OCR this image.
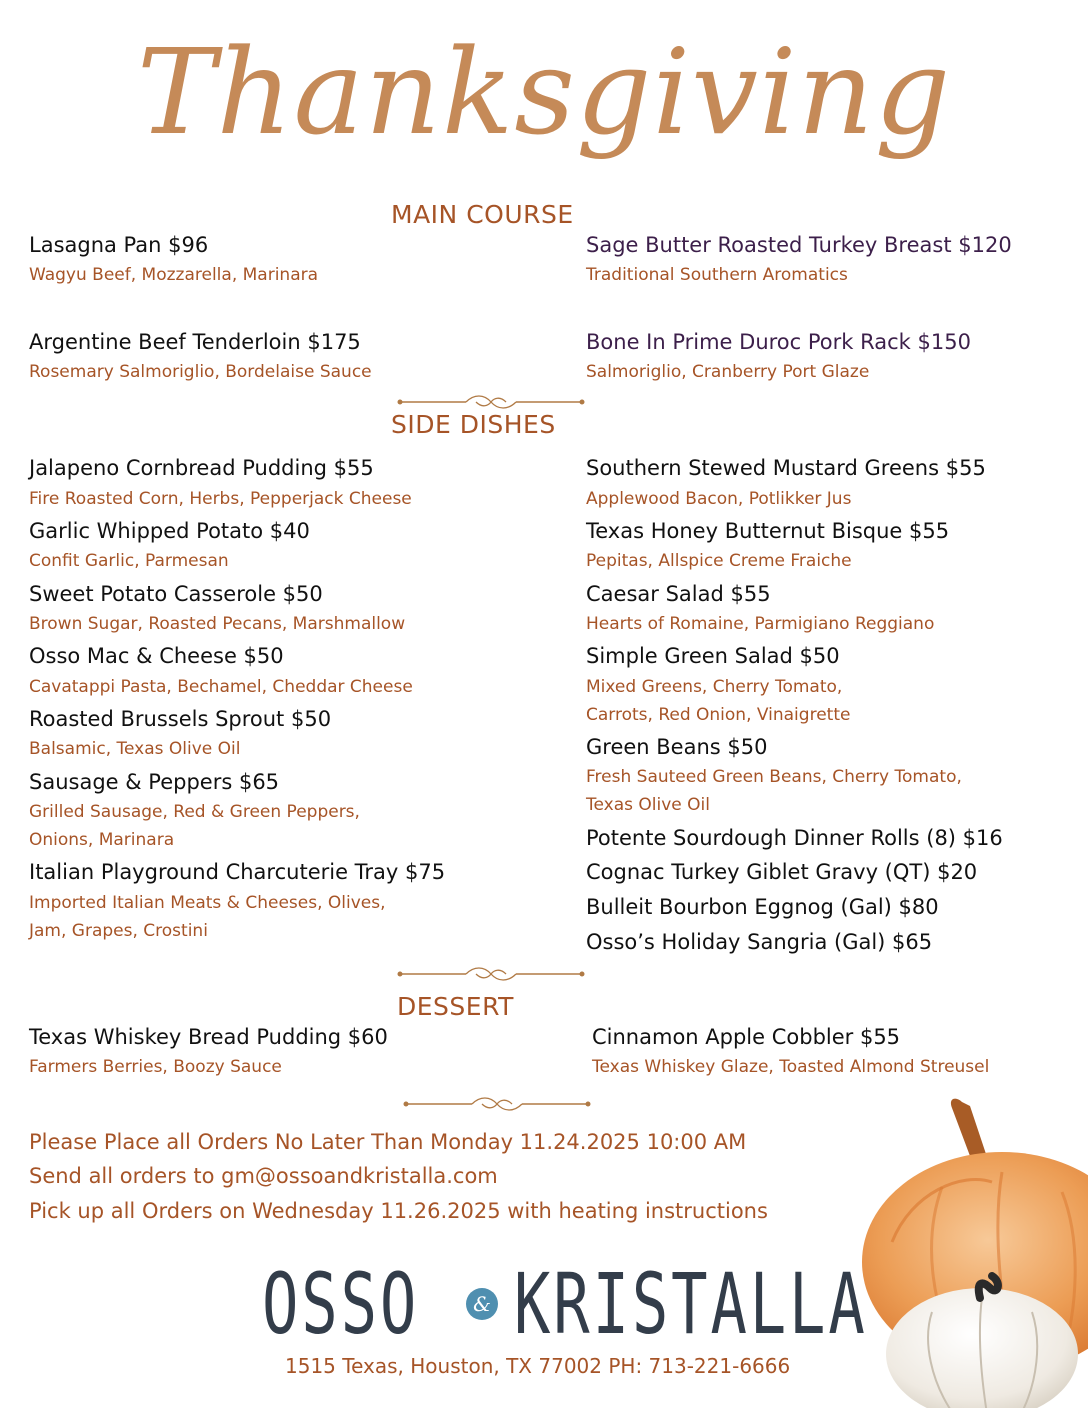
Thanksgiving
MAIN COURSE
Lasagna Pan $96
Wagyu Beef, Mozzarella, Marinara
Sage Butter Roasted Turkey Breast $120
Traditional Southern Aromatics
Argentine Beef Tenderloin $175
Rosemary Salmoriglio, Bordelaise Sauce
Bone In Prime Duroc Pork Rack $150
Salmoriglio, Cranberry Port Glaze
SIDE DISHES
Jalapeno Cornbread Pudding $55
Fire Roasted Corn, Herbs, Pepperjack Cheese
Garlic Whipped Potato $40
Confit Garlic, Parmesan
Sweet Potato Casserole $50
Brown Sugar, Roasted Pecans, Marshmallow
Osso Mac & Cheese $50
Cavatappi Pasta, Bechamel, Cheddar Cheese
Roasted Brussels Sprout $50
Balsamic, Texas Olive Oil
Sausage & Peppers $65
Grilled Sausage, Red & Green Peppers,
Onions, Marinara
Italian Playground Charcuterie Tray $75
Imported Italian Meats & Cheeses, Olives,
Jam, Grapes, Crostini
Southern Stewed Mustard Greens $55
Applewood Bacon, Potlikker Jus
Texas Honey Butternut Bisque $55
Pepitas, Allspice Creme Fraiche
Caesar Salad $55
Hearts of Romaine, Parmigiano Reggiano
Simple Green Salad $50
Mixed Greens, Cherry Tomato,
Carrots, Red Onion, Vinaigrette
Green Beans $50
Fresh Sauteed Green Beans, Cherry Tomato,
Texas Olive Oil
Potente Sourdough Dinner Rolls (8) $16
Cognac Turkey Giblet Gravy (QT) $20
Bulleit Bourbon Eggnog (Gal) $80
Osso’s Holiday Sangria (Gal) $65
DESSERT
Texas Whiskey Bread Pudding $60
Farmers Berries, Boozy Sauce
Cinnamon Apple Cobbler $55
Texas Whiskey Glaze, Toasted Almond Streusel
Please Place all Orders No Later Than Monday 11.24.2025 10:00 AM
Send all orders to gm@ossoandkristalla.com
Pick up all Orders on Wednesday 11.26.2025 with heating instructions
OSSO	& KRISTALLA
1515 Texas, Houston, TX 77002 PH: 713-221-6666
